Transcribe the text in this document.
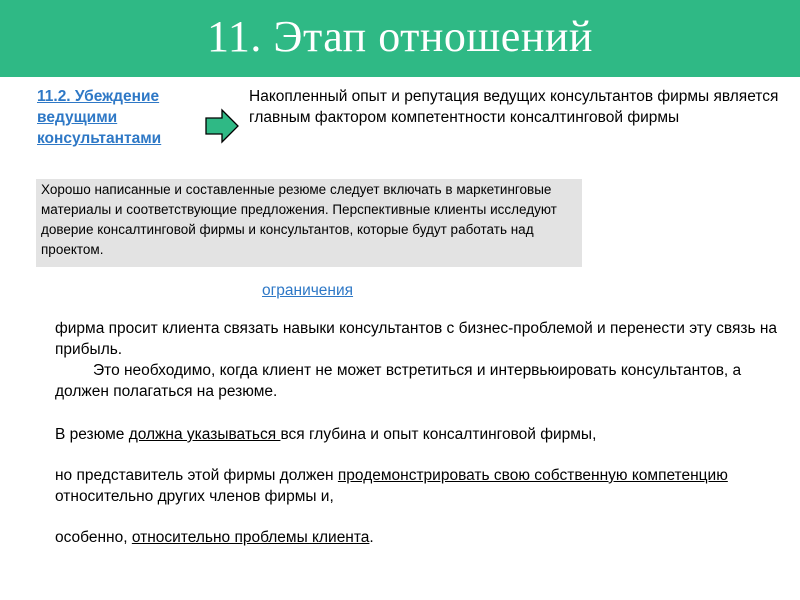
11. Этап отношений

11.2. Убеждение ведущими консультантами

Накопленный опыт и репутация ведущих консультантов фирмы является главным фактором компетентности консалтинговой фирмы

Хорошо написанные и составленные резюме следует включать в маркетинговые материалы и соответствующие предложения. Перспективные клиенты исследуют доверие консалтинговой фирмы и консультантов, которые будут работать над проектом.

ограничения

фирма просит клиента связать навыки консультантов с бизнес-проблемой и перенести эту связь на прибыль.

Это необходимо, когда клиент не может встретиться и интервьюировать консультантов, а должен полагаться на резюме.

В резюме должна указываться вся глубина и опыт консалтинговой фирмы,

но представитель этой фирмы должен продемонстрировать свою собственную компетенцию относительно других членов фирмы и,

особенно, относительно проблемы клиента.
